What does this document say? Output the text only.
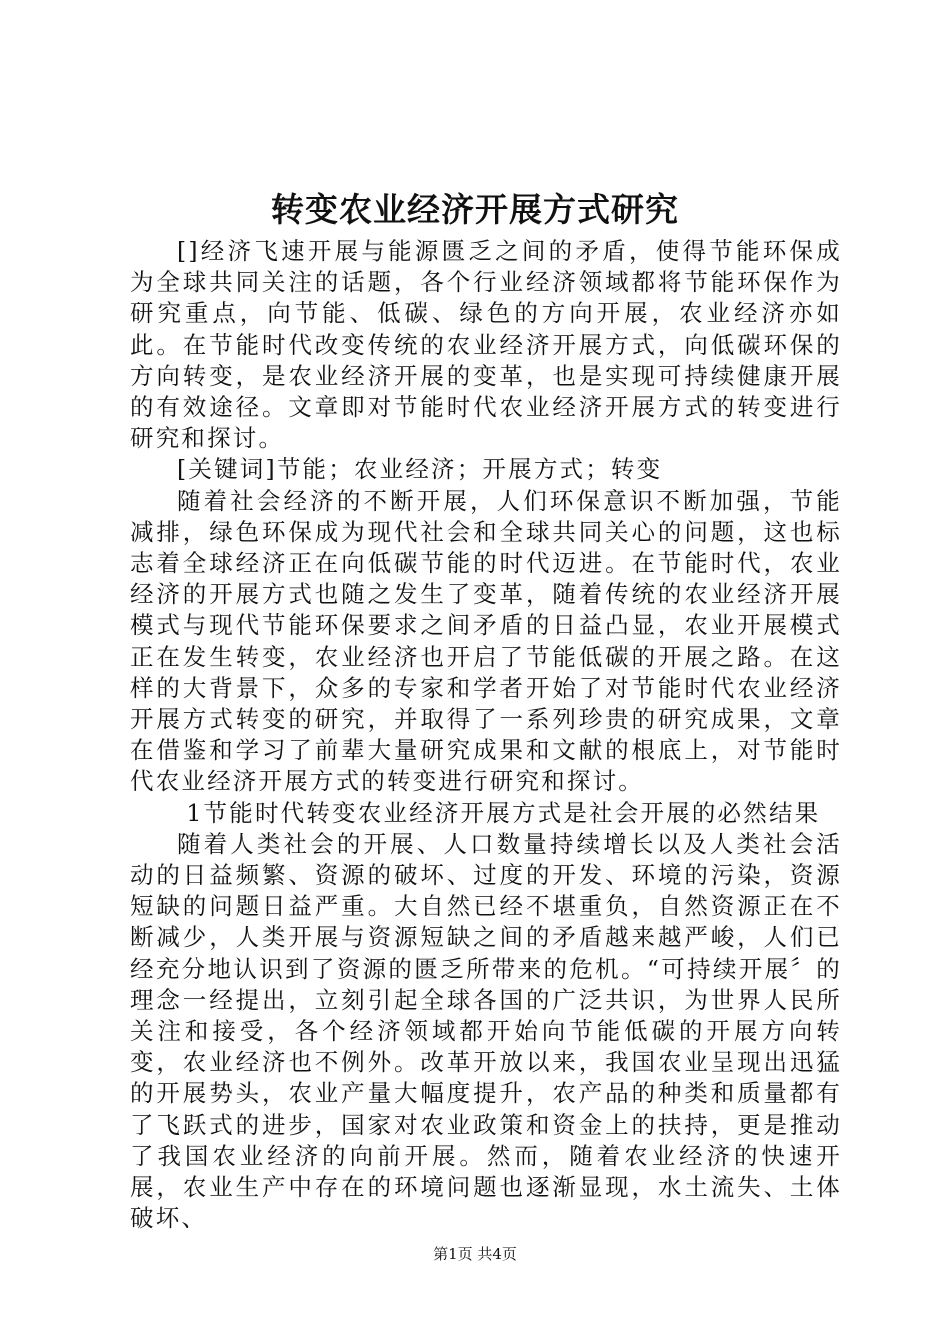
转变农业经济开展方式研究

[]经济飞速开展与能源匮乏之间的矛盾，使得节能环保成为全球共同关注的话题，各个行业经济领域都将节能环保作为研究重点，向节能、低碳、绿色的方向开展，农业经济亦如此。在节能时代改变传统的农业经济开展方式，向低碳环保的方向转变，是农业经济开展的变革，也是实现可持续健康开展的有效途径。文章即对节能时代农业经济开展方式的转变进行研究和探讨。

[关键词]节能；农业经济；开展方式；转变

随着社会经济的不断开展，人们环保意识不断加强，节能减排，绿色环保成为现代社会和全球共同关心的问题，这也标志着全球经济正在向低碳节能的时代迈进。在节能时代，农业经济的开展方式也随之发生了变革，随着传统的农业经济开展模式与现代节能环保要求之间矛盾的日益凸显，农业开展模式正在发生转变，农业经济也开启了节能低碳的开展之路。在这样的大背景下，众多的专家和学者开始了对节能时代农业经济开展方式转变的研究，并取得了一系列珍贵的研究成果，文章在借鉴和学习了前辈大量研究成果和文献的根底上，对节能时代农业经济开展方式的转变进行研究和探讨。

1节能时代转变农业经济开展方式是社会开展的必然结果

随着人类社会的开展、人口数量持续增长以及人类社会活动的日益频繁、资源的破坏、过度的开发、环境的污染，资源短缺的问题日益严重。大自然已经不堪重负，自然资源正在不断减少，人类开展与资源短缺之间的矛盾越来越严峻，人们已经充分地认识到了资源的匮乏所带来的危机。“可持续开展〞的理念一经提出，立刻引起全球各国的广泛共识，为世界人民所关注和接受，各个经济领域都开始向节能低碳的开展方向转变，农业经济也不例外。改革开放以来，我国农业呈现出迅猛的开展势头，农业产量大幅度提升，农产品的种类和质量都有了飞跃式的进步，国家对农业政策和资金上的扶持，更是推动了我国农业经济的向前开展。然而，随着农业经济的快速开展，农业生产中存在的环境问题也逐渐显现，水土流失、土体破坏、

第1页 共4页
